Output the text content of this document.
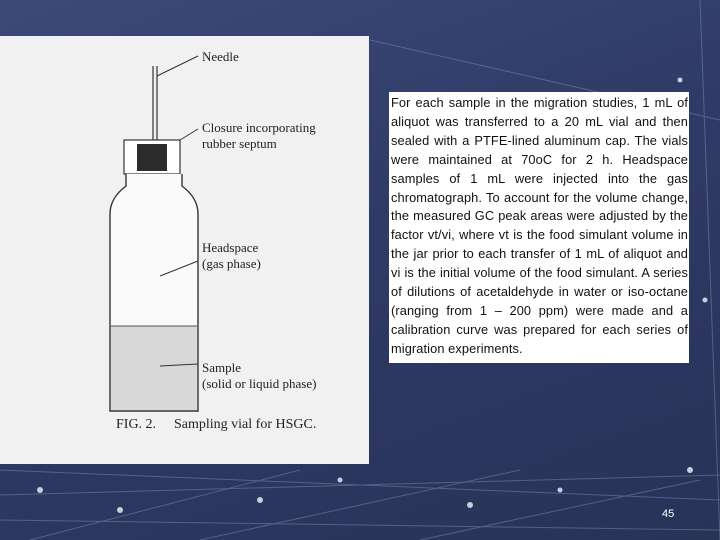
Needle
Closure incorporating
rubber septum
Headspace
(gas phase)
Sample
(solid or liquid phase)
FIG. 2. Sampling vial for HSGC.

For each sample in the migration studies, 1 mL of aliquot was transferred to a 20 mL vial and then sealed with a PTFE-lined aluminum cap. The vials were maintained at 70oC for 2 h. Headspace samples of 1 mL were injected into the gas chromatograph. To account for the volume change, the measured GC peak areas were adjusted by the factor vt/vi, where vt is the food simulant volume in the jar prior to each transfer of 1 mL of aliquot and vi is the initial volume of the food simulant. A series of dilutions of acetaldehyde in water or iso-octane (ranging from 1 – 200 ppm) were made and a calibration curve was prepared for each series of migration experiments.

45
